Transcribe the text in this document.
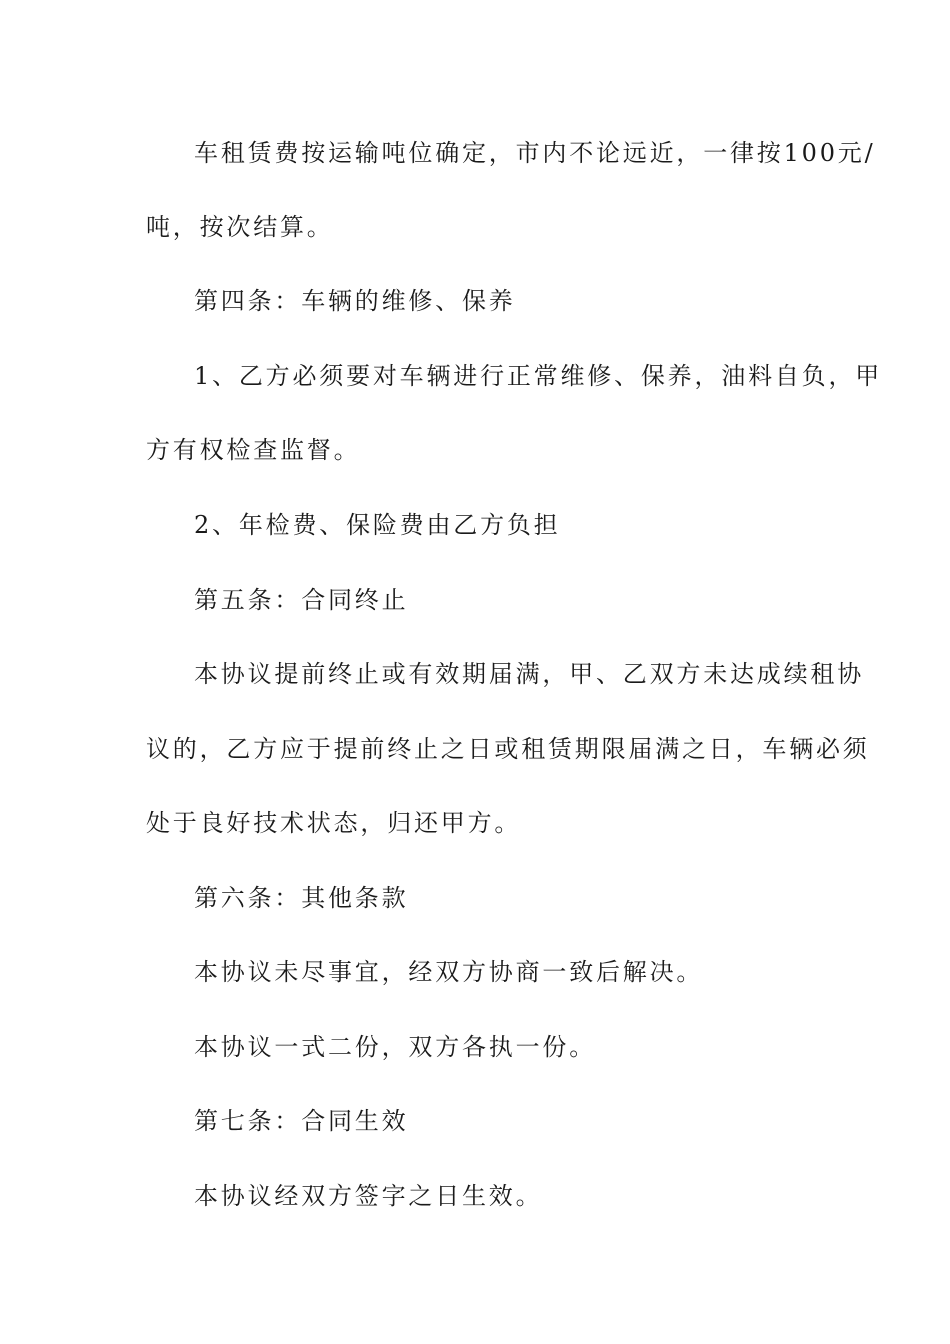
车租赁费按运输吨位确定，市内不论远近，一律按100元/
吨，按次结算。
第四条：车辆的维修、保养
1、乙方必须要对车辆进行正常维修、保养，油料自负，甲
方有权检查监督。
2、年检费、保险费由乙方负担
第五条：合同终止
本协议提前终止或有效期届满，甲、乙双方未达成续租协
议的，乙方应于提前终止之日或租赁期限届满之日，车辆必须
处于良好技术状态，归还甲方。
第六条：其他条款
本协议未尽事宜，经双方协商一致后解决。
本协议一式二份，双方各执一份。
第七条：合同生效
本协议经双方签字之日生效。
